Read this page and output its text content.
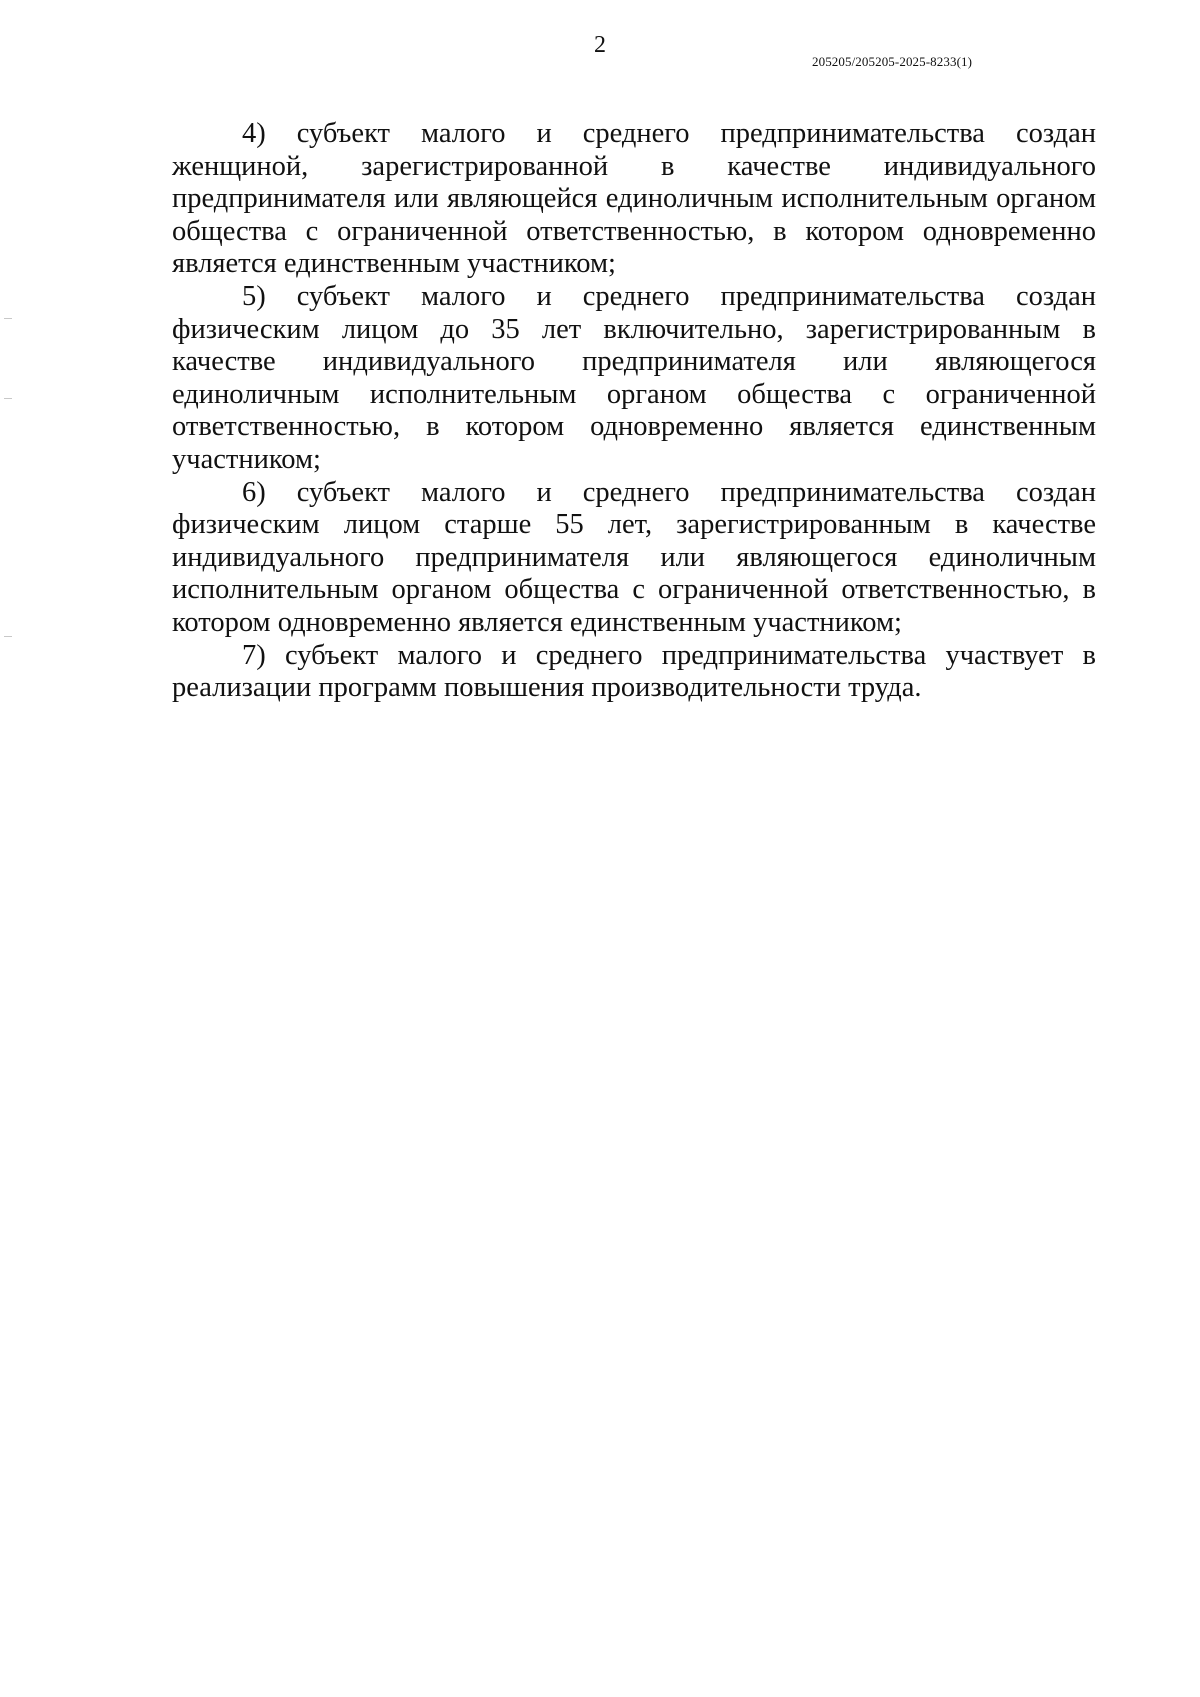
2
205205/205205-2025-8233(1)

4) субъект малого и среднего предпринимательства создан женщиной, зарегистрированной в качестве индивидуального предпринимателя или являющейся единоличным исполнительным органом общества с ограниченной ответственностью, в котором одновременно является единственным участником;

5) субъект малого и среднего предпринимательства создан физическим лицом до 35 лет включительно, зарегистрированным в качестве индивидуального предпринимателя или являющегося единоличным исполнительным органом общества с ограниченной ответственностью, в котором одновременно является единственным участником;

6) субъект малого и среднего предпринимательства создан физическим лицом старше 55 лет, зарегистрированным в качестве индивидуального предпринимателя или являющегося единоличным исполнительным органом общества с ограниченной ответственностью, в котором одновременно является единственным участником;

7) субъект малого и среднего предпринимательства участвует в реализации программ повышения производительности труда.
